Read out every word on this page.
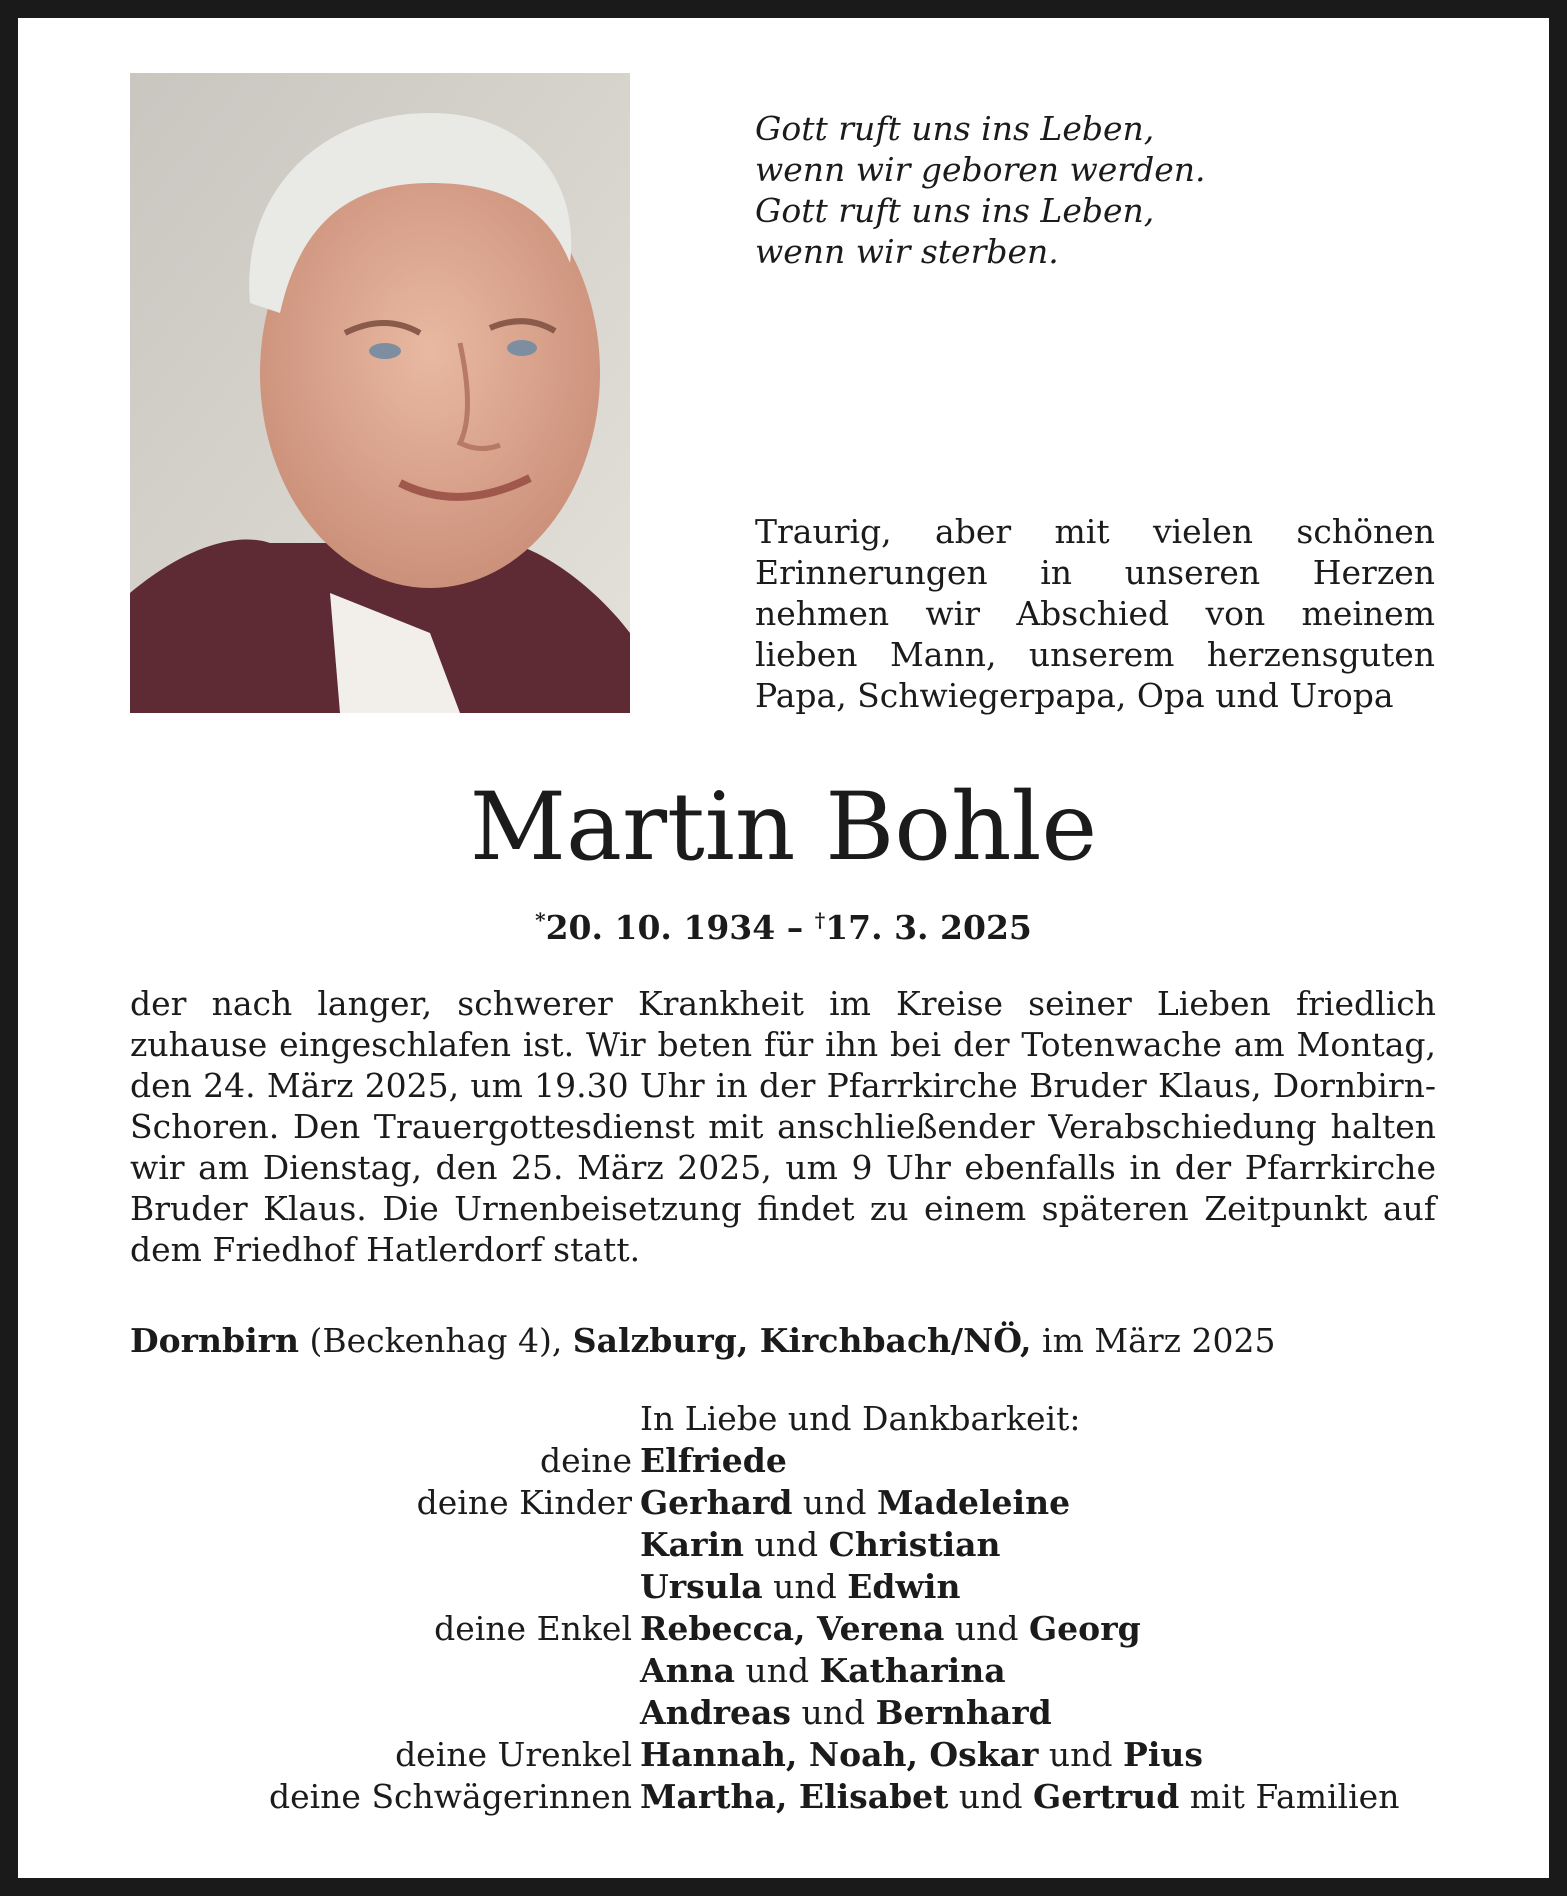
Gott ruft uns ins Leben,
wenn wir geboren werden.
Gott ruft uns ins Leben,
wenn wir sterben.
Traurig, aber mit vielen schönen Erinnerungen in unseren Herzen nehmen wir Abschied von meinem lieben Mann, unserem herzensguten Papa, Schwiegerpapa, Opa und Uropa
Martin Bohle
*20. 10. 1934 – †17. 3. 2025
der nach langer, schwerer Krankheit im Kreise seiner Lieben friedlich zuhause eingeschlafen ist. Wir beten für ihn bei der Totenwache am Montag, den 24. März 2025, um 19.30 Uhr in der Pfarrkirche Bruder Klaus, Dornbirn-Schoren. Den Trauergottesdienst mit anschließender Verabschiedung halten wir am Dienstag, den 25. März 2025, um 9 Uhr ebenfalls in der Pfarrkirche Bruder Klaus. Die Urnenbeisetzung findet zu einem späteren Zeitpunkt auf dem Friedhof Hatlerdorf statt.
Dornbirn (Beckenhag 4), Salzburg, Kirchbach/NÖ, im März 2025
In Liebe und Dankbarkeit:
deine Elfriede
deine Kinder Gerhard und Madeleine
Karin und Christian
Ursula und Edwin
deine Enkel Rebecca, Verena und Georg
Anna und Katharina
Andreas und Bernhard
deine Urenkel Hannah, Noah, Oskar und Pius
deine Schwägerinnen Martha, Elisabet und Gertrud mit Familien
